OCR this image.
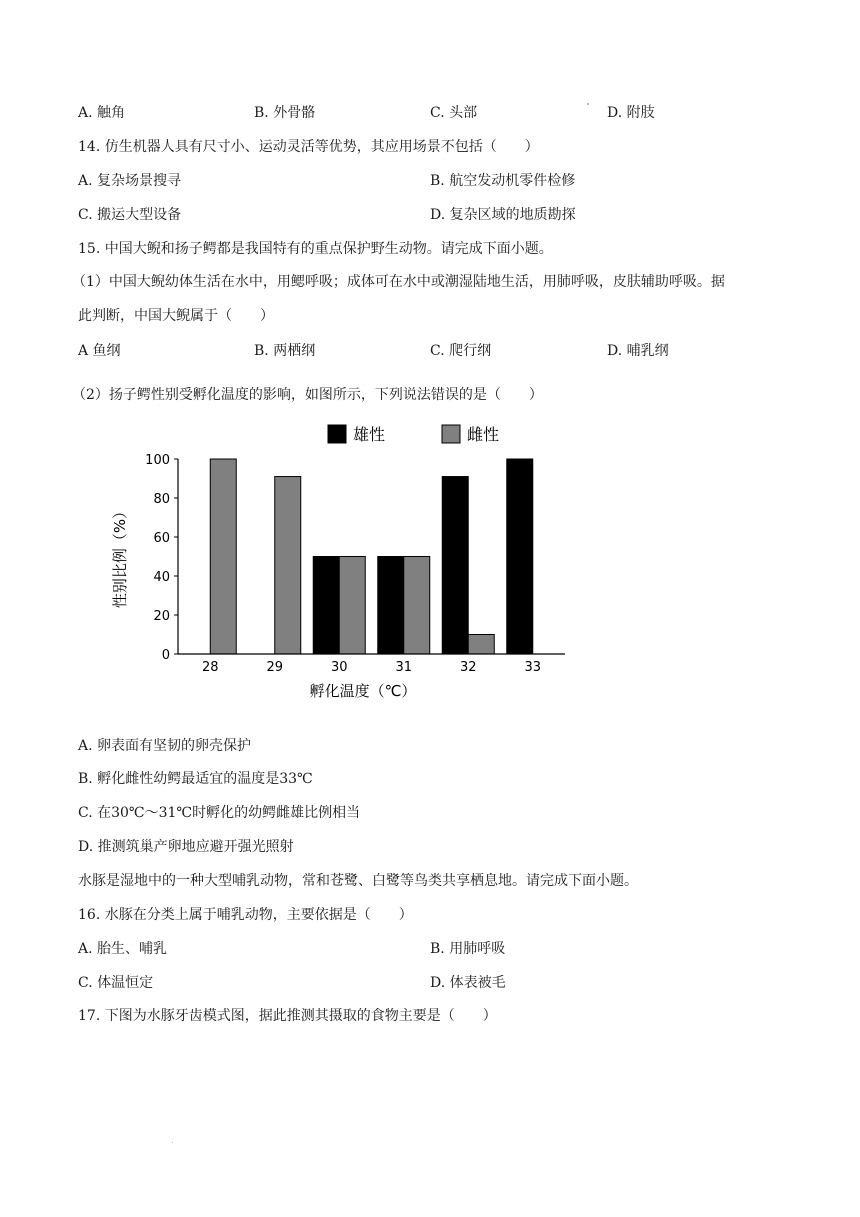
A. 触角	B. 外骨骼	C. 头部	D. 附肢
14. 仿生机器人具有尺寸小、运动灵活等优势，其应用场景不包括（　　）
A. 复杂场景搜寻	B. 航空发动机零件检修
C. 搬运大型设备	D. 复杂区域的地质勘探
15. 中国大鲵和扬子鳄都是我国特有的重点保护野生动物。请完成下面小题。
（1）中国大鲵幼体生活在水中，用鳃呼吸；成体可在水中或潮湿陆地生活，用肺呼吸，皮肤辅助呼吸。据
此判断，中国大鲵属于（　　）
A 鱼纲	B. 两栖纲	C. 爬行纲	D. 哺乳纲
（2）扬子鳄性别受孵化温度的影响，如图所示，下列说法错误的是（　　）
雄性	雌性
0
20
40
60
80
100
28	29	30	31	32	33
性别比例（%）
孵化温度（℃）
A. 卵表面有坚韧的卵壳保护
B. 孵化雌性幼鳄最适宜的温度是33℃
C. 在30℃～31℃时孵化的幼鳄雌雄比例相当
D. 推测筑巢产卵地应避开强光照射
水豚是湿地中的一种大型哺乳动物，常和苍鹭、白鹭等鸟类共享栖息地。请完成下面小题。
16. 水豚在分类上属于哺乳动物，主要依据是（　　）
A. 胎生、哺乳	B. 用肺呼吸
C. 体温恒定	D. 体表被毛
17. 下图为水豚牙齿模式图，据此推测其摄取的食物主要是（　　）
